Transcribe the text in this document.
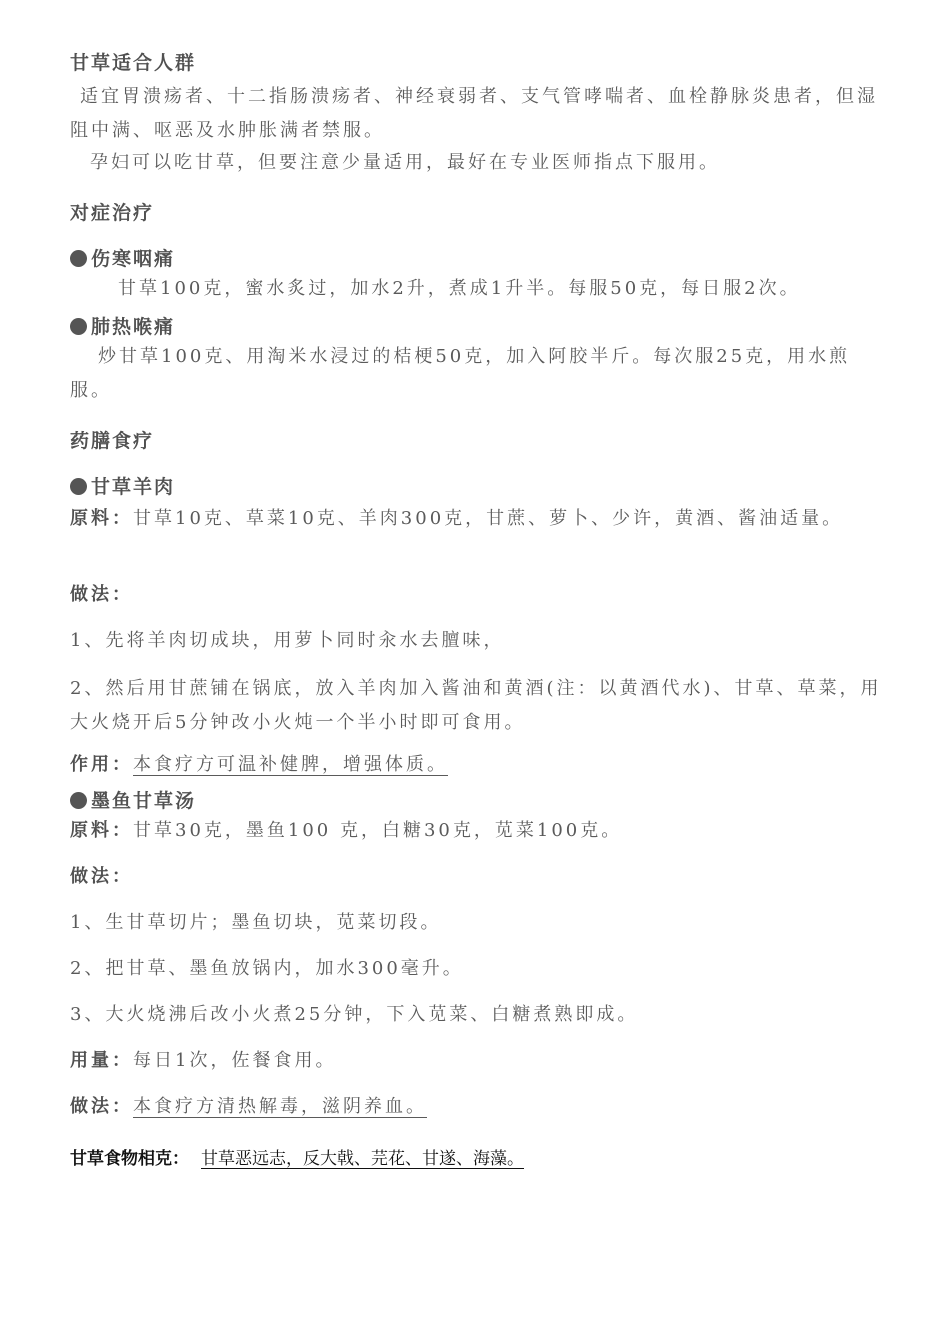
甘草适合人群
适宜胃溃疡者、十二指肠溃疡者、神经衰弱者、支气管哮喘者、血栓静脉炎患者，但湿阻中满、呕恶及水肿胀满者禁服。
孕妇可以吃甘草，但要注意少量适用，最好在专业医师指点下服用。
对症治疗
伤寒咽痛
甘草100克，蜜水炙过，加水2升，煮成1升半。每服50克，每日服2次。
肺热喉痛
炒甘草100克、用淘米水浸过的桔梗50克，加入阿胶半斤。每次服25克，用水煎服。
药膳食疗
甘草羊肉
原料：甘草10克、草菜10克、羊肉300克，甘蔗、萝卜、少许，黄酒、酱油适量。
做法：
1、先将羊肉切成块，用萝卜同时汆水去膻味，
2、然后用甘蔗铺在锅底，放入羊肉加入酱油和黄酒(注：以黄酒代水)、甘草、草菜，用大火烧开后5分钟改小火炖一个半小时即可食用。
作用：本食疗方可温补健脾，增强体质。
墨鱼甘草汤
原料：甘草30克，墨鱼100 克，白糖30克，苋菜100克。
做法：
1、生甘草切片；墨鱼切块，苋菜切段。
2、把甘草、墨鱼放锅内，加水300毫升。
3、大火烧沸后改小火煮25分钟，下入苋菜、白糖煮熟即成。
用量：每日1次，佐餐食用。
做法：本食疗方清热解毒，滋阴养血。
甘草食物相克： 甘草恶远志，反大戟、芫花、甘遂、海藻。
